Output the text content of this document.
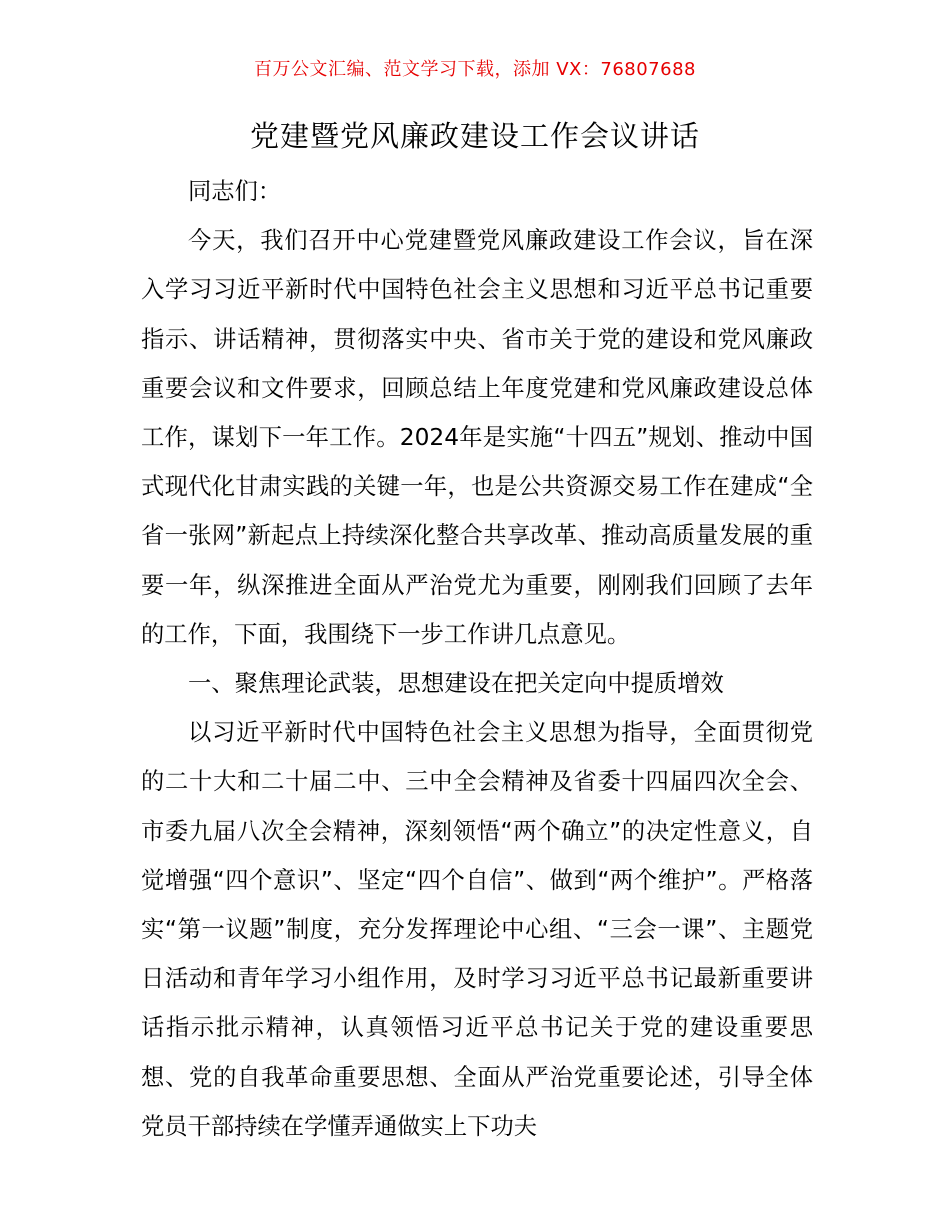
百万公文汇编、范文学习下载，添加 VX：76807688
党建暨党风廉政建设工作会议讲话

同志们：

今天，我们召开中心党建暨党风廉政建设工作会议，旨在深入学习习近平新时代中国特色社会主义思想和习近平总书记重要指示、讲话精神，贯彻落实中央、省市关于党的建设和党风廉政重要会议和文件要求，回顾总结上年度党建和党风廉政建设总体工作，谋划下一年工作。2024年是实施“十四五”规划、推动中国式现代化甘肃实践的关键一年，也是公共资源交易工作在建成“全省一张网”新起点上持续深化整合共享改革、推动高质量发展的重要一年，纵深推进全面从严治党尤为重要，刚刚我们回顾了去年的工作，下面，我围绕下一步工作讲几点意见。

一、聚焦理论武装，思想建设在把关定向中提质增效

以习近平新时代中国特色社会主义思想为指导，全面贯彻党的二十大和二十届二中、三中全会精神及省委十四届四次全会、市委九届八次全会精神，深刻领悟“两个确立”的决定性意义，自觉增强“四个意识”、坚定“四个自信”、做到“两个维护”。严格落实“第一议题”制度，充分发挥理论中心组、“三会一课”、主题党日活动和青年学习小组作用，及时学习习近平总书记最新重要讲话指示批示精神，认真领悟习近平总书记关于党的建设重要思想、党的自我革命重要思想、全面从严治党重要论述，引导全体党员干部持续在学懂弄通做实上下功夫
